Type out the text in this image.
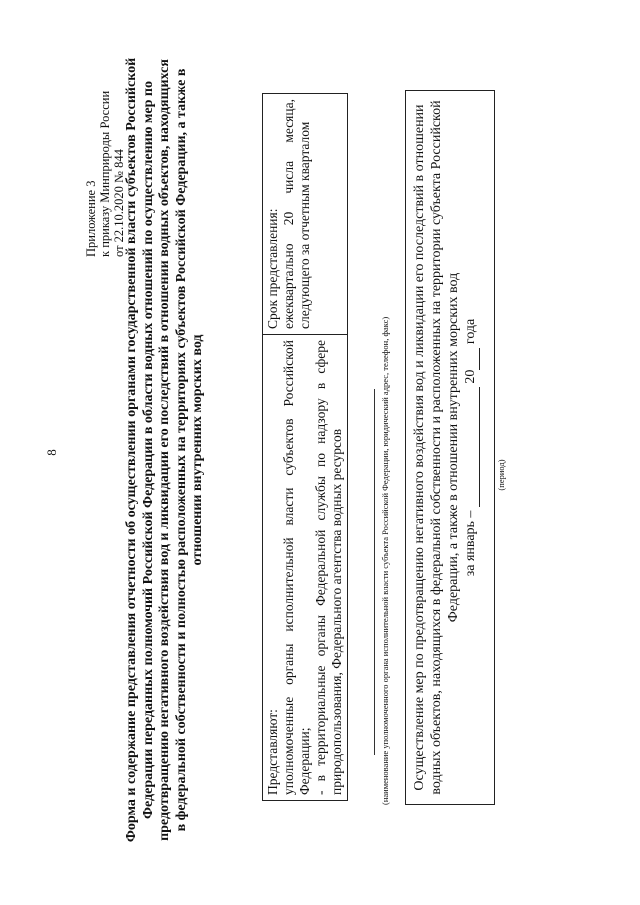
8
Приложение 3 к приказу Минприроды России от 22.10.2020 № 844
Форма и содержание представления отчетности об осуществлении органами государственной власти субъектов Российской Федерации переданных полномочий Российской Федерации в области водных отношений по осуществлению мер по предотвращению негативного воздействия вод и ликвидации его последствий в отношении водных объектов, находящихся в федеральной собственности и полностью расположенных на территориях субъектов Российской Федерации, а также в отношении внутренних морских вод
Представляют: уполномоченные органы исполнительной власти субъектов Российской Федерации; - в территориальные органы Федеральной службы по надзору в сфере природопользования, Федерального агентства водных ресурсов

Срок представления: ежеквартально 20 числа месяца, следующего за отчетным кварталом
(наименование уполномоченного органа исполнительной власти субъекта Российской Федерации, юридический адрес, телефон, факс) Осуществление мер по предотвращению негативного воздействия вод и ликвидации его последствий в отношении водных объектов, находящихся в федеральной собственности и расположенных на территории субъекта Российской Федерации, а также в отношении внутренних морских вод за январь –   20  года
(период)
